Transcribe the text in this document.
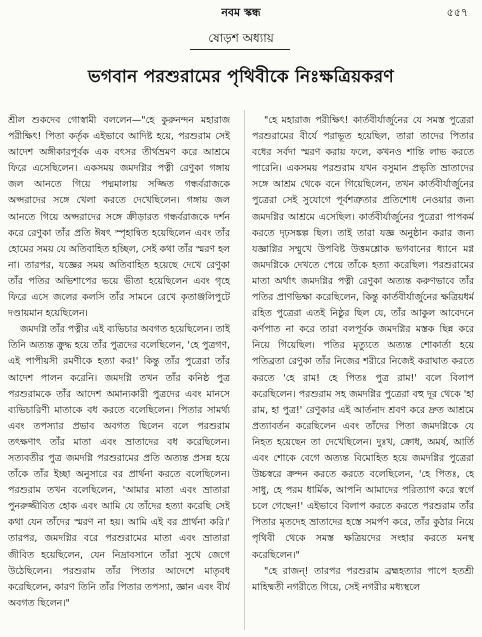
নবম স্কন্ধ	৫৫৭
ষোড়শ অধ্যায়
ভগবান পরশুরামের পৃথিবীকে নিঃক্ষত্রিয়করণ

শ্রীল শুকদেব গোস্বামী বললেন—"হে কুরুনন্দন মহারাজ পরীক্ষিৎ! পিতা কর্তৃক এইভাবে আদিষ্ট হয়ে, পরশুরাম সেই আদেশ অঙ্গীকারপূর্বক এক বৎসর তীর্থভ্রমণ করে আশ্রমে ফিরে এসেছিলেন। একসময় জমদগ্নির পত্নী রেণুকা গঙ্গায় জল আনতে গিয়ে পদ্মমালায় সজ্জিত গন্ধর্বরাজকে অপ্সরাদের সঙ্গে খেলা করতে দেখেছিলেন। গঙ্গায় জল আনতে গিয়ে অপ্সরাদের সঙ্গে ক্রীড়ারত গন্ধর্বরাজকে দর্শন করে রেণুকা তাঁর প্রতি ঈষৎ স্পৃহান্বিত হয়েছিলেন এবং তাঁর হোমের সময় যে অতিবাহিত হচ্ছিল, সেই কথা তাঁর স্মরণ হল না। তারপর, যজ্ঞের সময় অতিবাহিত হয়েছে দেখে রেণুকা তাঁর পতির অভিশাপের ভয়ে ভীতা হয়েছিলেন এবং গৃহে ফিরে এসে জলের কলসি তাঁর সামনে রেখে কৃতাঞ্জলিপুটে দণ্ডায়মান হয়েছিলেন।

জমদগ্নি তাঁর পত্নীর এই ব্যভিচার অবগত হয়েছিলেন। তাই তিনি অত্যন্ত ক্রুদ্ধ হয়ে তাঁর পুত্রদের বলেছিলেন, 'হে পুত্রগণ, এই পাপীয়সী রমণীকে হত্যা কর!' কিন্তু তাঁর পুত্রেরা তাঁর আদেশ পালন করেনি। জমদগ্নি তখন তাঁর কনিষ্ঠ পুত্র পরশুরামকে তাঁর আদেশ অমান্যকারী পুত্রদের এবং মানসে ব্যভিচারিণী মাতাকে বধ করতে বলেছিলেন। পিতার সামর্থ্য এবং তপস্যার প্রভাব অবগত ছিলেন বলে পরশুরাম তৎক্ষণাৎ তাঁর মাতা এবং ভ্রাতাদের বধ করেছিলেন। সত্যবতীর পুত্র জমদগ্নি পরশুরামের প্রতি অত্যন্ত প্রসন্ন হয়ে তাঁকে তাঁর ইচ্ছা অনুসারে বর প্রার্থনা করতে বলেছিলেন। পরশুরাম তখন বলেছিলেন, 'আমার মাতা এবং ভ্রাতারা পুনরুজ্জীবিত হোক এবং আমি যে তাঁদের হত্যা করেছি সেই কথা যেন তাঁদের স্মরণ না হয়। আমি এই বর প্রার্থনা করি।' তারপর, জমদগ্নির বরে পরশুরামের মাতা এবং ভ্রাতারা জীবিত হয়েছিলেন, যেন নিদ্রাবসানে তাঁরা সুখে জেগে উঠেছিলেন। পরশুরাম তাঁর পিতার আদেশে মাতৃবধ করেছিলেন, কারণ তিনি তাঁর পিতার তপস্যা, জ্ঞান এবং বীর্য অবগত ছিলেন।"

"হে মহারাজ পরীক্ষিৎ! কার্তবীর্যার্জুনের যে সমস্ত পুত্রেরা পরশুরামের বীর্যে পরাভূত হয়েছিল, তারা তাদের পিতার বধের সর্বদা স্মরণ করায় ফলে, কখনও শান্তি লাভ করতে পারেনি। একসময় পরশুরাম যখন বসুমান প্রভৃতি ভ্রাতাদের সঙ্গে আশ্রম থেকে বনে গিয়েছিলেন, তখন কার্তবীর্যার্জুনের পুত্রেরা সেই সুযোগে পূর্বশত্রুতার প্রতিশোধ নেওয়ার জন্য জমদগ্নির আশ্রমে এসেছিল। কার্তবীর্যার্জুনের পুত্রেরা পাপকর্ম করতে দৃঢ়সঙ্কল্প ছিল। তাই তারা যজ্ঞ অনুষ্ঠান করার জন্য যজ্ঞাগ্নির সম্মুখে উপবিষ্ট উত্তমশ্লোক ভগবানের ধ্যানে মগ্ন জমদগ্নিকে দেখতে পেয়ে তাঁকে হত্যা করেছিল। পরশুরামের মাতা অর্থাৎ জমদগ্নির পত্নী রেণুকা অত্যন্ত করুণভাবে তাঁর পতির প্রাণভিক্ষা করেছিলেন, কিন্তু কার্তবীর্যার্জুনের ক্ষত্রিয়ধর্ম রহিত পুত্রেরা এতই নিষ্ঠুর ছিল যে, তাঁর আকুল আবেদনে কর্ণপাত না করে তারা বলপূর্বক জমদগ্নির মস্তক ছিন্ন করে নিয়ে গিয়েছিল। পতির মৃত্যুতে অত্যন্ত শোকার্তা হয়ে পতিব্রতা রেণুকা তাঁর নিজের শরীরে নিজেই করাঘাত করতে করতে 'হে রাম! হে পিতঃ পুত্র রাম!' বলে বিলাপ করেছিলেন। পরশুরাম সহ জমদগ্নির পুত্রেরা বহু দূর থেকে 'হা রাম, হা পুত্র!' রেণুকার এই আর্তনাদ শ্রবণ করে দ্রুত আশ্রমে প্রত্যাবর্তন করেছিলেন এবং তাঁদের পিতা জমদগ্নিকে যে নিহত হয়েছেন তা দেখেছিলেন। দুঃখ, ক্রোধ, অমর্ষ, আর্তি এবং শোকে বেগে অত্যন্ত বিমোহিত হয়ে জমদগ্নির পুত্রেরা উচ্চস্বরে ক্রন্দন করতে করতে বলেছিলেন, 'হে পিতঃ, হে সাধু, হে পরম ধার্মিক, আপনি আমাদের পরিত্যাগ করে স্বর্গে চলে গেছেন!' এইভাবে বিলাপ করতে করতে পরশুরাম তাঁর পিতার মৃতদেহ ভ্রাতাদের হস্তে সমর্পণ করে, তাঁর কুঠার নিয়ে পৃথিবী থেকে সমস্ত ক্ষত্রিয়দের সংহার করতে মনস্থ করেছিলেন।"

"হে রাজন্! তারপর পরশুরাম ব্রহ্মহত্যার পাপে হতশ্রী মাহিষ্মতী নগরীতে গিয়ে, সেই নগরীর মধ্যস্থলে
